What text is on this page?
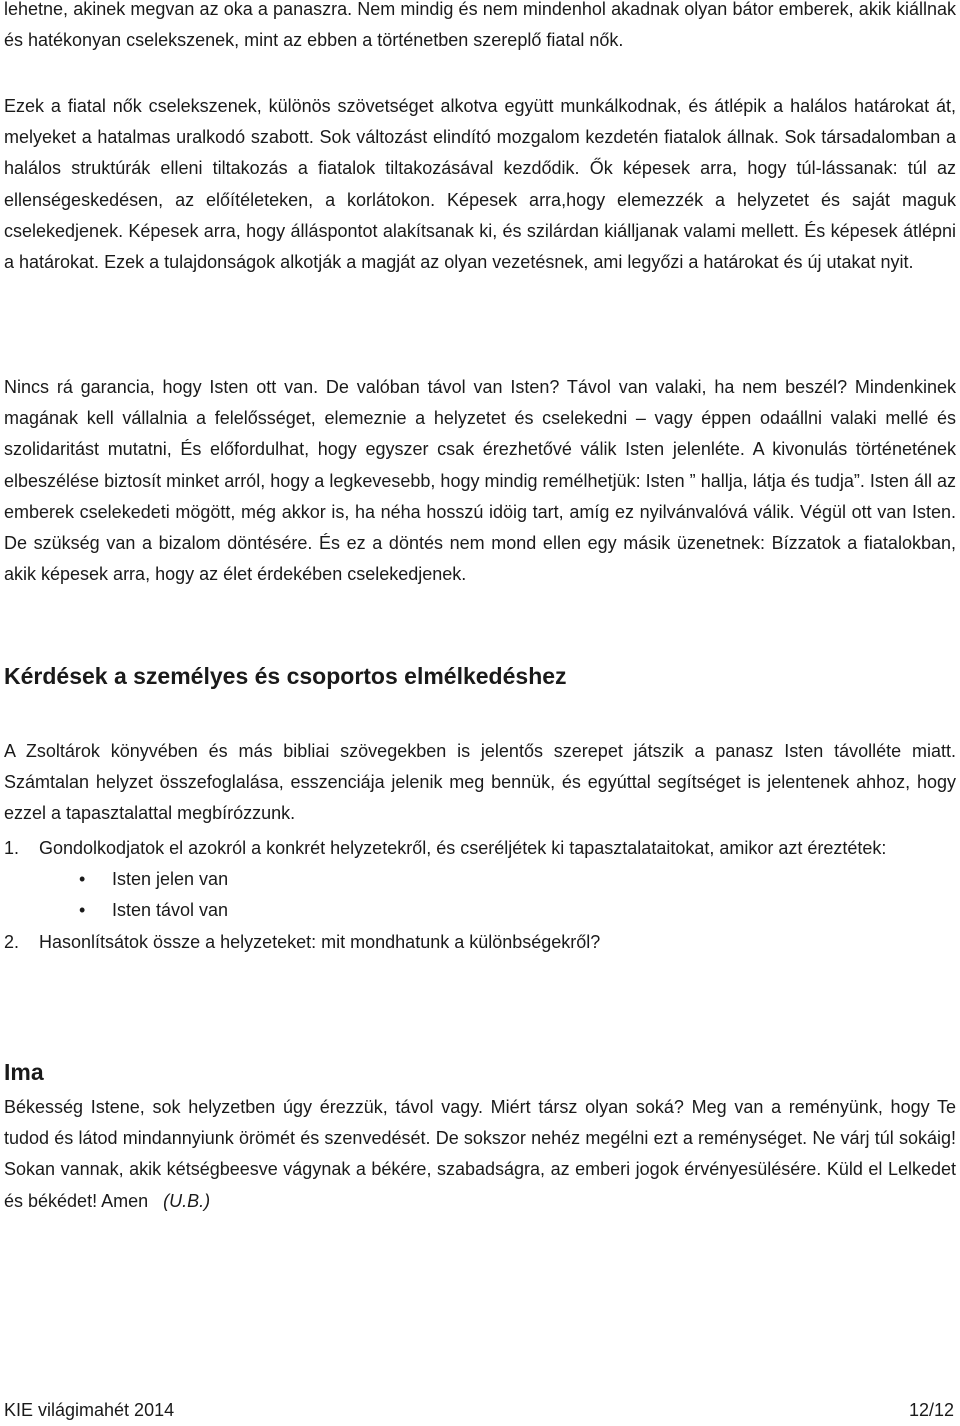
lehetne, akinek megvan az oka a panaszra. Nem mindig és nem mindenhol akadnak olyan bátor emberek, akik kiállnak és hatékonyan cselekszenek, mint az ebben a történetben szereplő fiatal nők.

Ezek a fiatal nők cselekszenek, különös szövetséget alkotva együtt munkálkodnak, és átlépik a halálos határokat át, melyeket a hatalmas uralkodó szabott. Sok változást elindító mozgalom kezdetén fiatalok állnak. Sok társadalomban a halálos struktúrák elleni tiltakozás a fiatalok tiltakozásával kezdődik. Ők képesek arra, hogy túl-lássanak: túl az ellenségeskedésen, az előítéleteken, a korlátokon. Képesek arra,hogy elemezzék a helyzetet és saját maguk cselekedjenek. Képesek arra, hogy álláspontot alakítsanak ki, és szilárdan kiálljanak valami mellett. És képesek átlépni a határokat. Ezek a tulajdonságok alkotják a magját az olyan vezetésnek, ami legyőzi a határokat és új utakat nyit.

Nincs rá garancia, hogy Isten ott van. De valóban távol van Isten? Távol van valaki, ha nem beszél? Mindenkinek magának kell vállalnia a felelősséget, elemeznie a helyzetet és cselekedni – vagy éppen odaállni valaki mellé és szolidaritást mutatni, És előfordulhat, hogy egyszer csak érezhetővé válik Isten jelenléte. A kivonulás történetének elbeszélése biztosít minket arról, hogy a legkevesebb, hogy mindig remélhetjük: Isten ” hallja, látja és tudja”. Isten áll az emberek cselekedeti mögött, még akkor is, ha néha hosszú idöig tart, amíg ez nyilvánvalóvá válik. Végül ott van Isten. De szükség van a bizalom döntésére. És ez a döntés nem mond ellen egy másik üzenetnek: Bízzatok a fiatalokban, akik képesek arra, hogy az élet érdekében cselekedjenek.

Kérdések a személyes és csoportos elmélkedéshez

A Zsoltárok könyvében és más bibliai szövegekben is jelentős szerepet játszik a panasz Isten távolléte miatt. Számtalan helyzet összefoglalása, esszenciája jelenik meg bennük, és egyúttal segítséget is jelentenek ahhoz, hogy ezzel a tapasztalattal megbírózzunk.

1. Gondolkodjatok el azokról a konkrét helyzetekről, és cseréljétek ki tapasztalataitokat, amikor azt éreztétek:
• Isten jelen van
• Isten távol van
2. Hasonlítsátok össze a helyzeteket: mit mondhatunk a különbségekről?
Ima

Békesség Istene, sok helyzetben úgy érezzük, távol vagy. Miért társz olyan soká? Meg van a reményünk, hogy Te tudod és látod mindannyiunk örömét és szenvedését. De sokszor nehéz megélni ezt a reménységet. Ne várj túl sokáig! Sokan vannak, akik kétségbeesve vágynak a békére, szabadságra, az emberi jogok érvényesülésére. Küld el Lelkedet és békédet! Amen (U.B.)

KIE világimahét 2014	12/12
